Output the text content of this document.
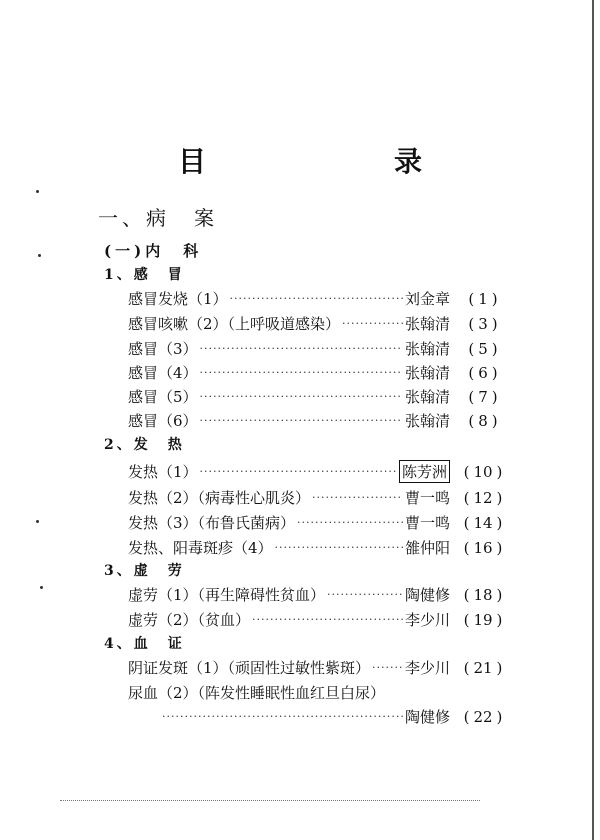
目　录
一、病　案
(一)内　科
1、感　冒
感冒发烧（1） ·····	刘金章	( 1 )
感冒咳嗽（2）（上呼吸道感染） ·····	张翰清	( 3 )
感冒（3） ·····	张翰清	( 5 )
感冒（4） ·····	张翰清	( 6 )
感冒（5） ·····	张翰清	( 7 )
感冒（6） ·····	张翰清	( 8 )
2、发　热
发热（1） ·····	陈芳洲	( 10 )
发热（2）（病毒性心肌炎） ·····	曹一鸣 ( 12 )
发热（3）（布鲁氏菌病） ·····	曹一鸣 ( 14 )
发热、阳毒斑疹（4） ·····	雒仲阳 ( 16 )
3、虚　劳
虚劳（1）（再生障碍性贫血） ·····	陶健修 ( 18 )
虚劳（2）（贫血） ·····	李少川 ( 19 )
4、血　证
阴证发斑（1）（顽固性过敏性紫斑） ····· 李少川 ( 21 )
尿血（2）（阵发性睡眠性血红旦白尿）
·····
陶健修 ( 22 )
